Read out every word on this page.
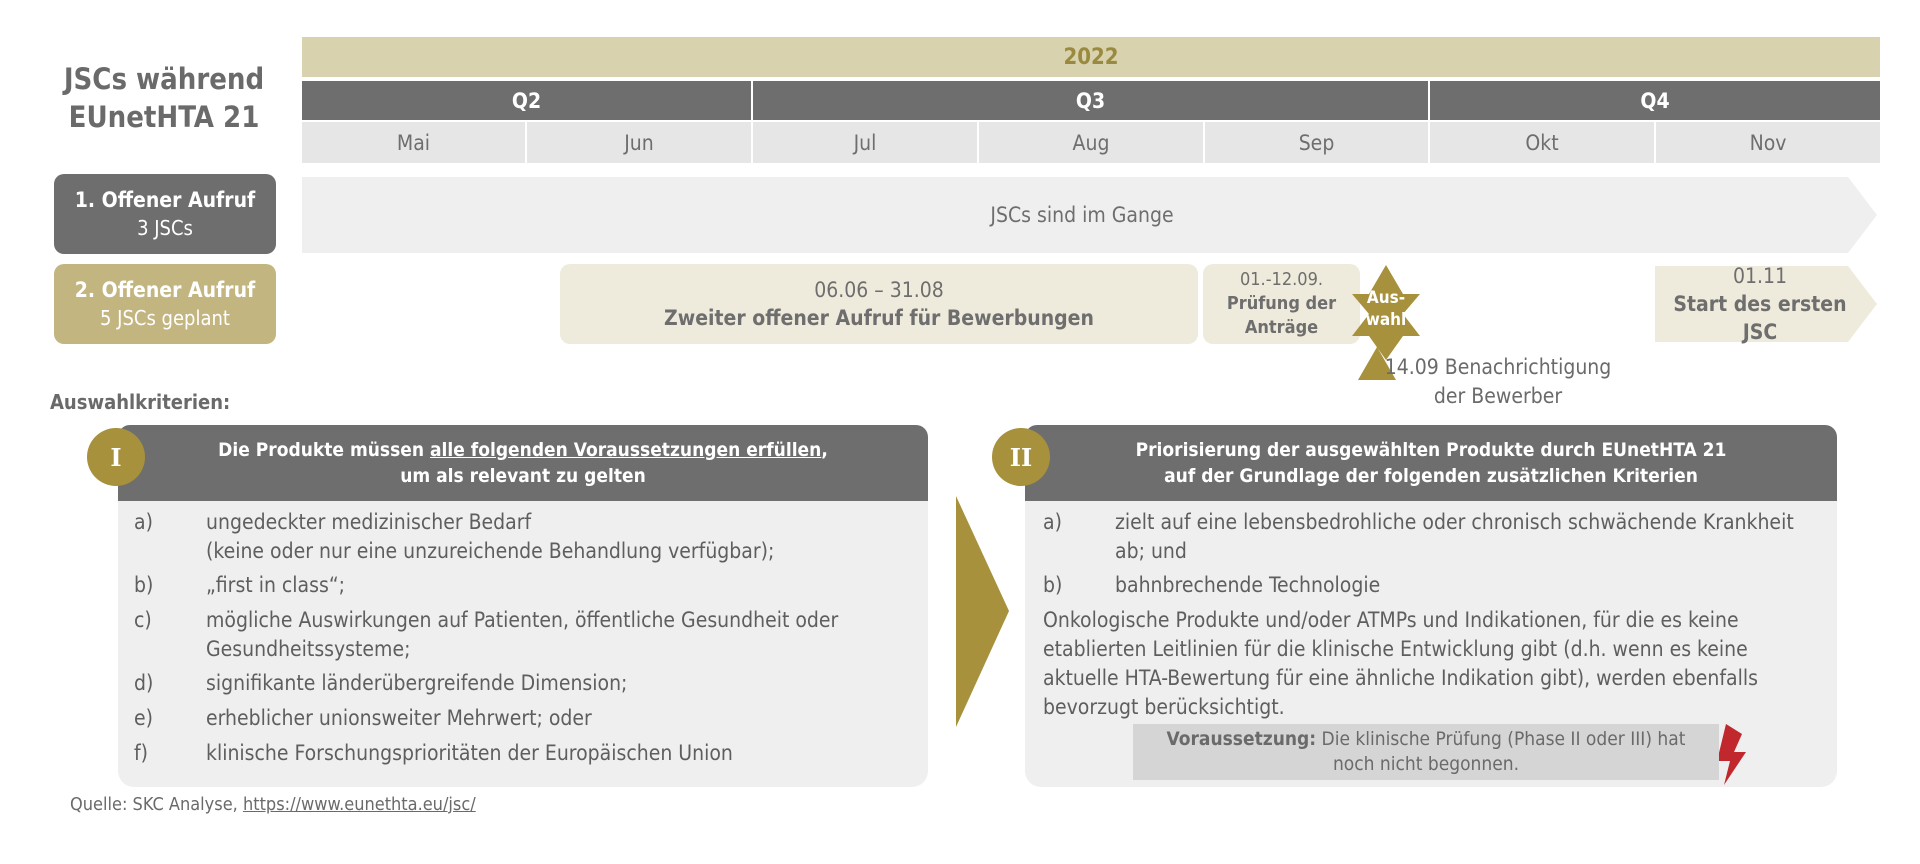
JSCs während
EUnetHTA 21
2022
Q2	Q3	Q4
Mai	Jun	Jul	Aug	Sep	Okt	Nov
1. Offener Aufruf
3 JSCs
2. Offener Aufruf
5 JSCs geplant
JSCs sind im Gange
06.06 – 31.08
Zweiter offener Aufruf für Bewerbungen
01.-12.09.
Prüfung der
Anträge
Aus-
wahl
14.09 Benachrichtigung
der Bewerber
01.11
Start des ersten JSC
Auswahlkriterien:
Die Produkte müssen alle folgenden Voraussetzungen erfüllen,
um als relevant zu gelten
I
a)	ungedeckter medizinischer Bedarf
(keine oder nur eine unzureichende Behandlung verfügbar);
b)	„first in class“;
c)	mögliche Auswirkungen auf Patienten, öffentliche Gesundheit oder
Gesundheitssysteme;
d)	signifikante länderübergreifende Dimension;
e)	erheblicher unionsweiter Mehrwert; oder
f)	klinische Forschungsprioritäten der Europäischen Union
Priorisierung der ausgewählten Produkte durch EUnetHTA 21
auf der Grundlage der folgenden zusätzlichen Kriterien
II
a)	zielt auf eine lebensbedrohliche oder chronisch schwächende Krankheit
ab; und
b)	bahnbrechende Technologie
Onkologische Produkte und/oder ATMPs und Indikationen, für die es keine
etablierten Leitlinien für die klinische Entwicklung gibt (d.h. wenn es keine
aktuelle HTA-Bewertung für eine ähnliche Indikation gibt), werden ebenfalls
bevorzugt berücksichtigt.
Voraussetzung: Die klinische Prüfung (Phase II oder III) hat
noch nicht begonnen.
Quelle: SKC Analyse, https://www.eunethta.eu/jsc/
